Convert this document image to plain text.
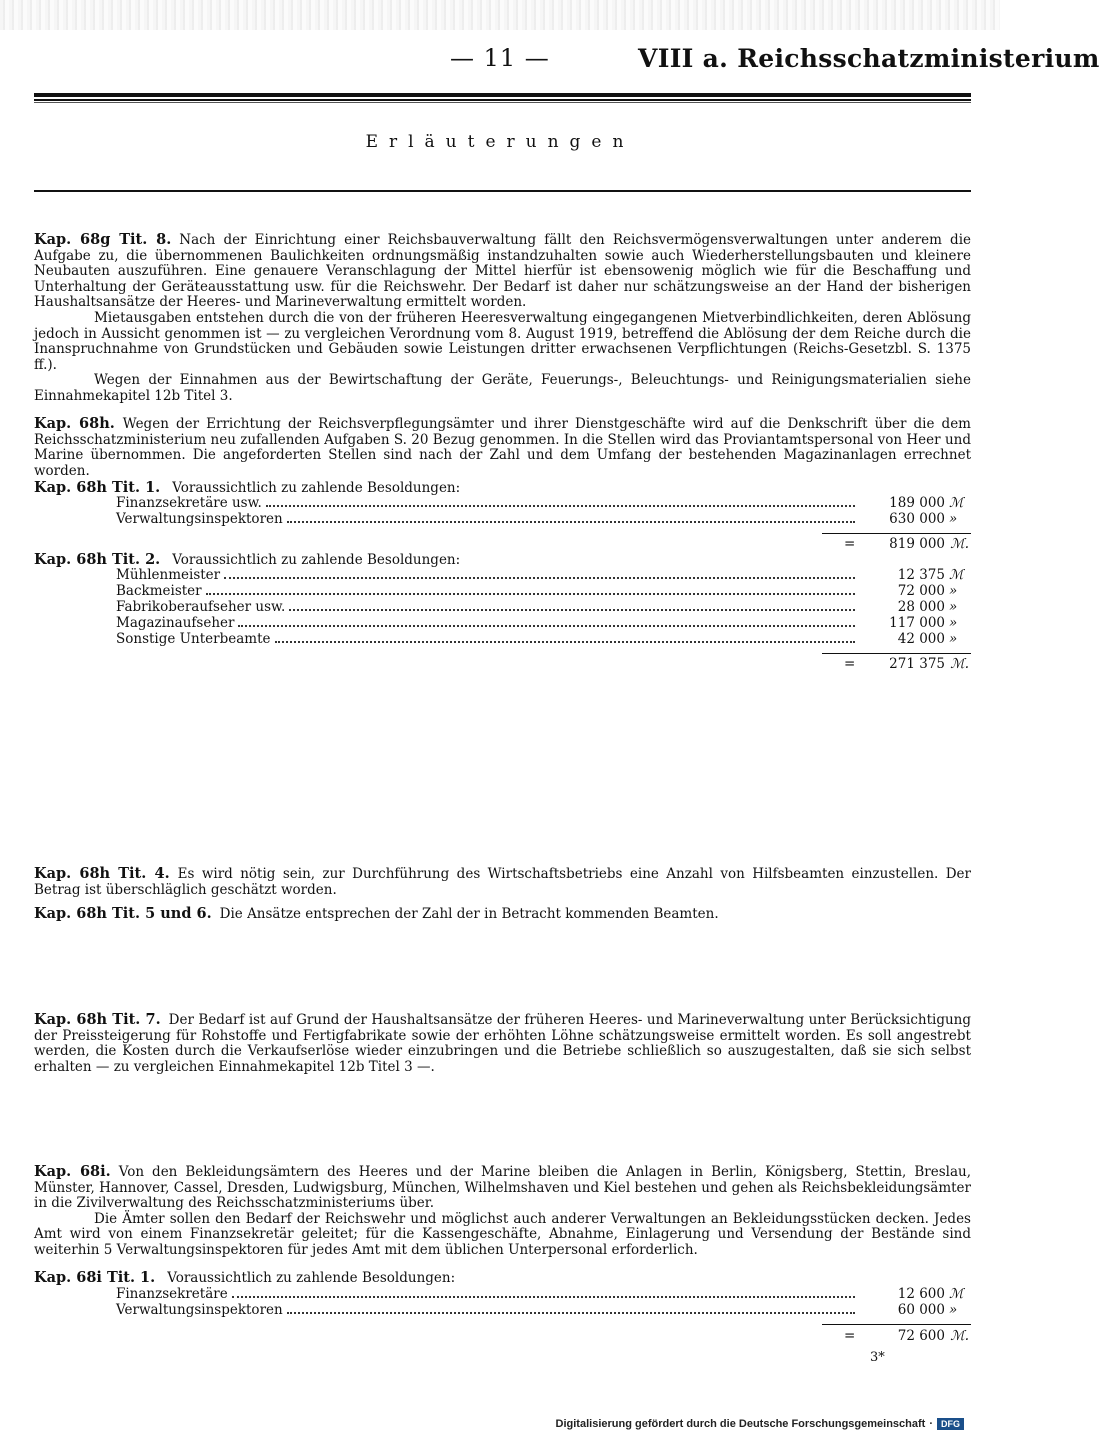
— 11 —	VIII a. Reichsschatzministerium
Erläuterungen

Kap. 68g Tit. 8. Nach der Einrichtung einer Reichsbauverwaltung fällt den Reichsvermögensverwaltungen unter anderem die Aufgabe zu, die übernommenen Baulichkeiten ordnungsmäßig instandzuhalten sowie auch Wiederherstellungsbauten und kleinere Neubauten auszuführen. Eine genauere Veranschlagung der Mittel hierfür ist ebensowenig möglich wie für die Beschaffung und Unterhaltung der Geräteausstattung usw. für die Reichswehr. Der Bedarf ist daher nur schätzungsweise an der Hand der bisherigen Haushaltsansätze der Heeres- und Marineverwaltung ermittelt worden.

Mietausgaben entstehen durch die von der früheren Heeresverwaltung eingegangenen Mietverbindlichkeiten, deren Ablösung jedoch in Aussicht genommen ist — zu vergleichen Verordnung vom 8. August 1919, betreffend die Ablösung der dem Reiche durch die Inanspruchnahme von Grundstücken und Gebäuden sowie Leistungen dritter erwachsenen Verpflichtungen (Reichs-Gesetzbl. S. 1375 ff.).

Wegen der Einnahmen aus der Bewirtschaftung der Geräte, Feuerungs-, Beleuchtungs- und Reinigungsmaterialien siehe Einnahmekapitel 12b Titel 3.

Kap. 68h. Wegen der Errichtung der Reichsverpflegungsämter und ihrer Dienstgeschäfte wird auf die Denkschrift über die dem Reichsschatzministerium neu zufallenden Aufgaben S. 20 Bezug genommen. In die Stellen wird das Proviantamtspersonal von Heer und Marine übernommen. Die angeforderten Stellen sind nach der Zahl und dem Umfang der bestehenden Magazinanlagen errechnet worden.

Kap. 68h Tit. 1. Voraussichtlich zu zahlende Besoldungen:
Finanzsekretäre usw.	189 000 ℳ
Verwaltungsinspektoren	630 000 »
=	819 000 ℳ.
Kap. 68h Tit. 2. Voraussichtlich zu zahlende Besoldungen:
Mühlenmeister	12 375 ℳ
Backmeister	72 000 »
Fabrikoberaufseher usw.	28 000 »
Magazinaufseher	117 000 »
Sonstige Unterbeamte	42 000 »
=	271 375 ℳ.

Kap. 68h Tit. 4. Es wird nötig sein, zur Durchführung des Wirtschaftsbetriebs eine Anzahl von Hilfsbeamten einzustellen. Der Betrag ist überschläglich geschätzt worden.

Kap. 68h Tit. 5 und 6. Die Ansätze entsprechen der Zahl der in Betracht kommenden Beamten.

Kap. 68h Tit. 7. Der Bedarf ist auf Grund der Haushaltsansätze der früheren Heeres- und Marineverwaltung unter Berücksichtigung der Preissteigerung für Rohstoffe und Fertigfabrikate sowie der erhöhten Löhne schätzungsweise ermittelt worden. Es soll angestrebt werden, die Kosten durch die Verkaufserlöse wieder einzubringen und die Betriebe schließlich so auszugestalten, daß sie sich selbst erhalten — zu vergleichen Einnahmekapitel 12b Titel 3 —.

Kap. 68i. Von den Bekleidungsämtern des Heeres und der Marine bleiben die Anlagen in Berlin, Königsberg, Stettin, Breslau, Münster, Hannover, Cassel, Dresden, Ludwigsburg, München, Wilhelmshaven und Kiel bestehen und gehen als Reichsbekleidungsämter in die Zivilverwaltung des Reichsschatzministeriums über.

Die Ämter sollen den Bedarf der Reichswehr und möglichst auch anderer Verwaltungen an Bekleidungsstücken decken. Jedes Amt wird von einem Finanzsekretär geleitet; für die Kassengeschäfte, Abnahme, Einlagerung und Versendung der Bestände sind weiterhin 5 Verwaltungsinspektoren für jedes Amt mit dem üblichen Unterpersonal erforderlich.

Kap. 68i Tit. 1. Voraussichtlich zu zahlende Besoldungen:
Finanzsekretäre	12 600 ℳ
Verwaltungsinspektoren	60 000 »
=	72 600 ℳ.
3*
Digitalisierung gefördert durch die Deutsche Forschungsgemeinschaft · DFG
